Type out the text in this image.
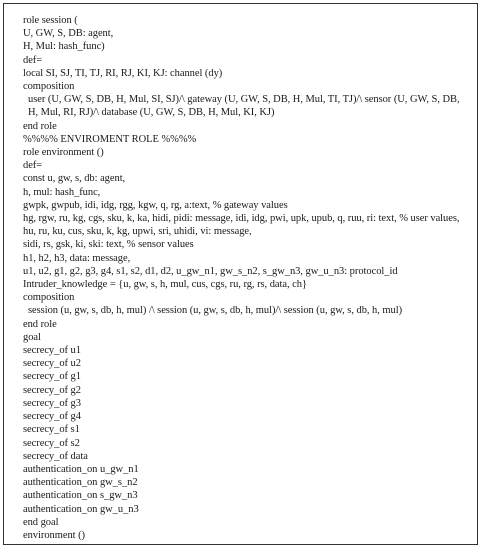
role session (
U, GW, S, DB: agent,
H, Mul: hash_func)
def=
local SI, SJ, TI, TJ, RI, RJ, KI, KJ: channel (dy)
composition
user (U, GW, S, DB, H, Mul, SI, SJ)/\ gateway (U, GW, S, DB, H, Mul, TI, TJ)/\ sensor (U, GW, S, DB, H, Mul, RI, RJ)/\ database (U, GW, S, DB, H, Mul, KI, KJ)
end role
%%%% ENVIROMENT ROLE %%%%
role environment ()
def=
const u, gw, s, db: agent,
h, mul: hash_func,
gwpk, gwpub, idi, idg, rgg, kgw, q, rg, a:text, % gateway values
hg, rgw, ru, kg, cgs, sku, k, ka, hidi, pidi: message, idi, idg, pwi, upk, upub, q, ruu, ri: text, % user values, hu, ru, ku, cus, sku, k, kg, upwi, sri, uhidi, vi: message,
sidi, rs, gsk, ki, ski: text, % sensor values
h1, h2, h3, data: message,
u1, u2, g1, g2, g3, g4, s1, s2, d1, d2, u_gw_n1, gw_s_n2, s_gw_n3, gw_u_n3: protocol_id
Intruder_knowledge = {u, gw, s, h, mul, cus, cgs, ru, rg, rs, data, ch}
composition
session (u, gw, s, db, h, mul) /\ session (u, gw, s, db, h, mul)/\ session (u, gw, s, db, h, mul)
end role
goal
secrecy_of u1
secrecy_of u2
secrecy_of g1
secrecy_of g2
secrecy_of g3
secrecy_of g4
secrecy_of s1
secrecy_of s2
secrecy_of data
authentication_on u_gw_n1
authentication_on gw_s_n2
authentication_on s_gw_n3
authentication_on gw_u_n3
end goal
environment ()
